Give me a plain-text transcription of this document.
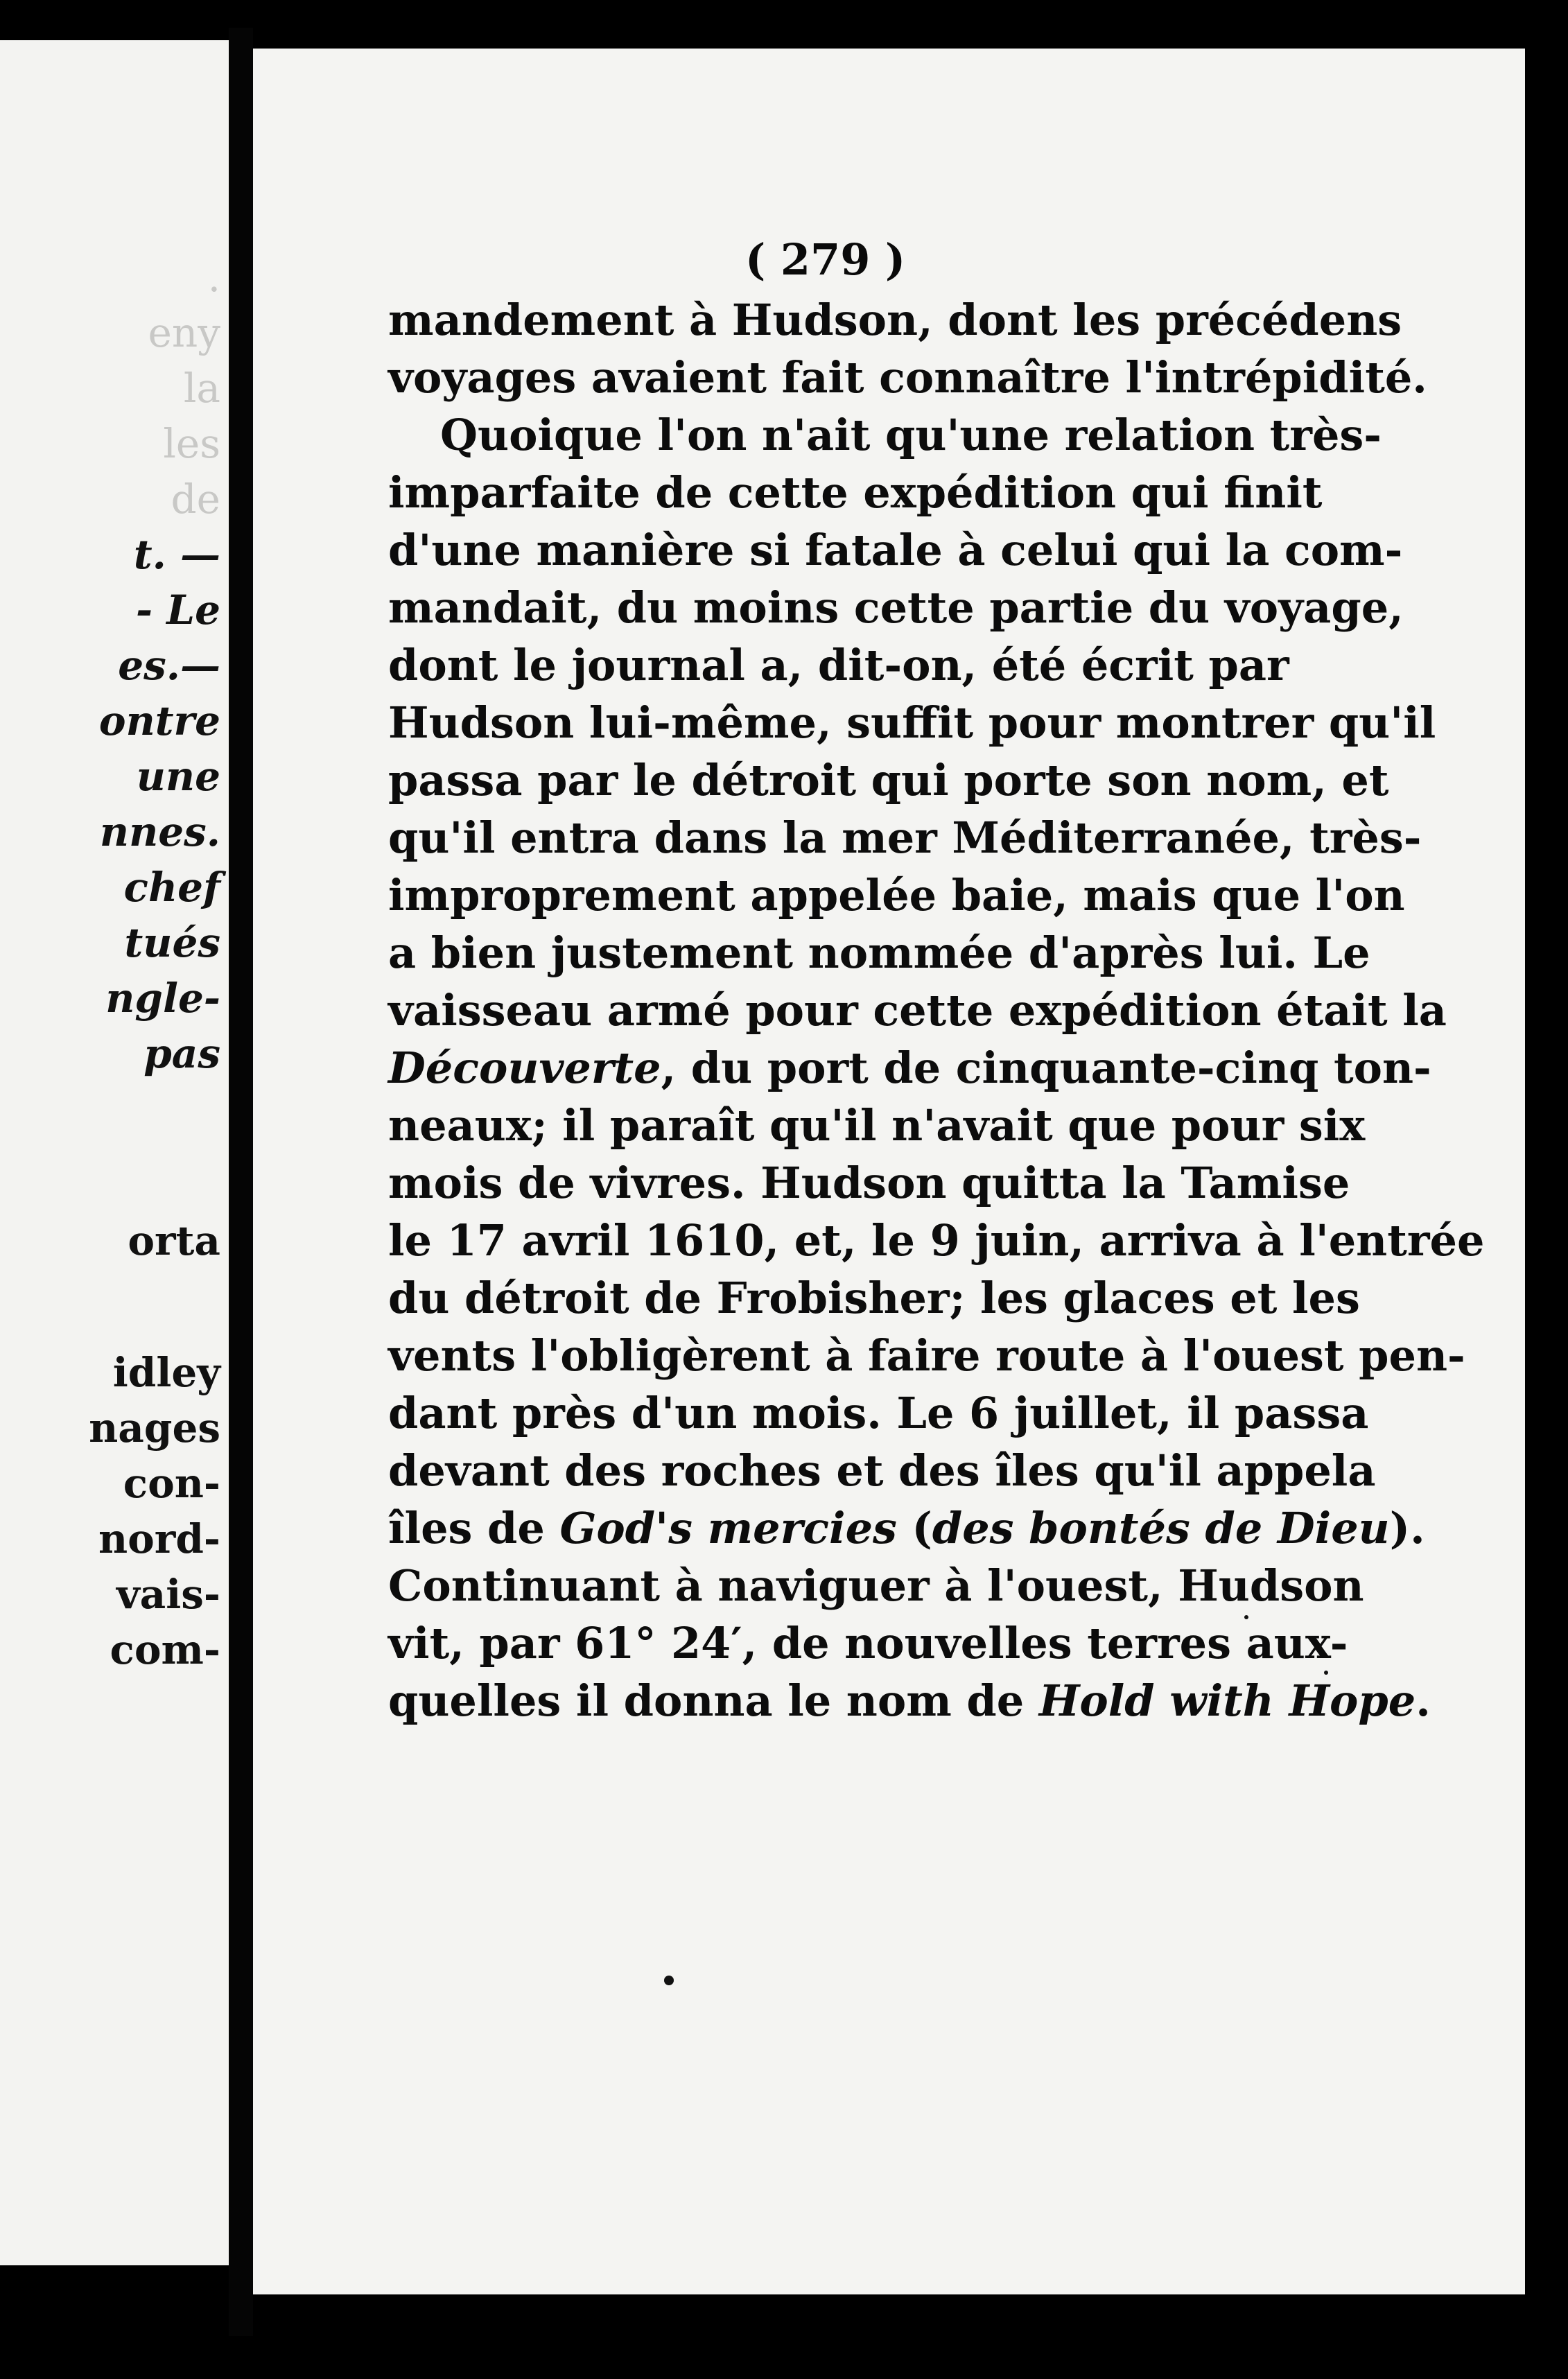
.
eny
la
les
de
t. —
- Le
es.—
ontre
une
nnes.
chef
tués
ngle-
pas
orta
idley
nages
con-
nord-
vais-
com-
( 279 )
mandement à Hudson, dont les précédens
voyages avaient fait connaître l'intrépidité.
Quoique l'on n'ait qu'une relation très-
imparfaite de cette expédition qui finit
d'une manière si fatale à celui qui la com-
mandait, du moins cette partie du voyage,
dont le journal a, dit-on, été écrit par
Hudson lui-même, suffit pour montrer qu'il
passa par le détroit qui porte son nom, et
qu'il entra dans la mer Méditerranée, très-
improprement appelée baie, mais que l'on
a bien justement nommée d'après lui. Le
vaisseau armé pour cette expédition était la
Découverte, du port de cinquante-cinq ton-
neaux; il paraît qu'il n'avait que pour six
mois de vivres. Hudson quitta la Tamise
le 17 avril 1610, et, le 9 juin, arriva à l'entrée
du détroit de Frobisher; les glaces et les
vents l'obligèrent à faire route à l'ouest pen-
dant près d'un mois. Le 6 juillet, il passa
devant des roches et des îles qu'il appela
îles de God's mercies (des bontés de Dieu).
Continuant à naviguer à l'ouest, Hudson
vit, par 61° 24′, de nouvelles terres aux-
quelles il donna le nom de Hold with Hope.
